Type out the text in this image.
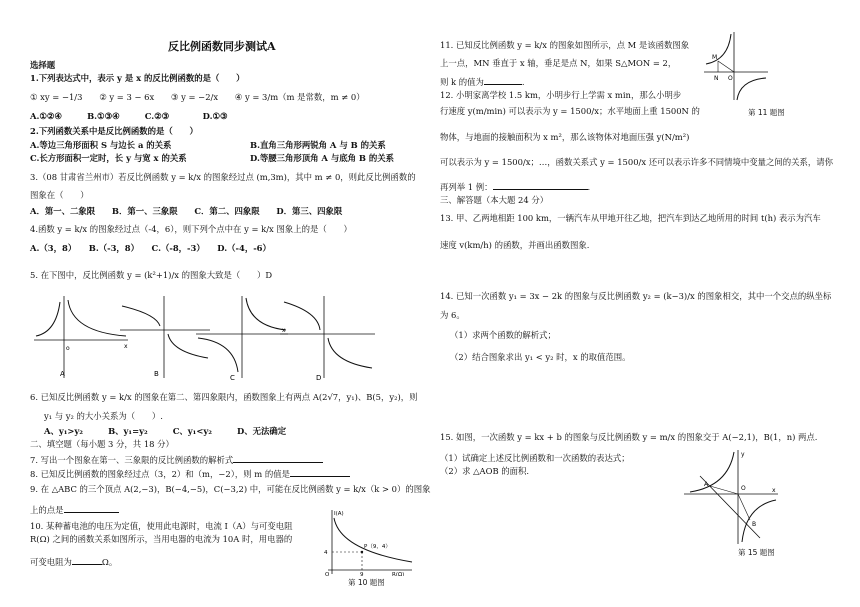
反比例函数同步测试A
选择题
1.下列表达式中，表示 y 是 x 的反比例函数的是（　　）
① xy = −1/3　　② y = 3 − 6x　　③ y = −2/x　　④ y = 3/m（m 是常数，m ≠ 0）
A.①②④　　　B.①③④　　　C.②③　　　　D.①③
2.下列函数关系中是反比例函数的是（　　）
A.等边三角形面积 S 与边长 a 的关系	B.直角三角形两锐角 A 与 B 的关系
C.长方形面积一定时，长 y 与宽 x 的关系	D.等腰三角形顶角 A 与底角 B 的关系
3.（08 甘肃省兰州市）若反比例函数 y = k/x 的图象经过点 (m,3m)，其中 m ≠ 0，则此反比例函数的
图象在（　　）
A．第一、二象限　　B．第一、三象限　　C．第二、四象限　　D．第三、四象限
4.函数 y = k/x 的图象经过点（-4，6），则下列个点中在 y = k/x 图象上的是（　　）
A.（3，8）　　B.（-3，8）　　C.（-8，-3）　　D.（-4，-6）
5. 在下图中，反比例函数 y = (k²+1)/x 的图象大致是（　　）D
o	x
A	B
x
C	D
6. 已知反比例函数 y = k/x 的图象在第二、第四象限内，函数图象上有两点 A(2√7，y₁)、B(5，y₂)，则
y₁ 与 y₂ 的大小关系为（　　）.
A、y₁>y₂　　　B、y₁=y₂　　　C、y₁<y₂　　　D、无法确定
二、填空题（每小题 3 分，共 18 分）
7. 写出一个图象在第一、三象限的反比例函数的解析式
8. 已知反比例函数的图象经过点（3，2）和（m，−2），则 m 的值是
9. 在 △ABC 的三个顶点 A(2,−3)，B(−4,−5)，C(−3,2) 中，可能在反比例函数 y = k/x（k > 0）的图象
上的点是
10. 某种蓄电池的电压为定值，使用此电源时，电流 I（A）与可变电阻
R(Ω) 之间的函数关系如图所示，当用电器的电流为 10A 时，用电器的
可变电阻为	Ω。
I(A)
R(Ω)
4
9
P（9，4）
O
第 10 题图
11. 已知反比例函数 y = k/x 的图象如图所示，点 M 是该函数图象
上一点，MN 垂直于 x 轴，垂足是点 N，如果 S△MON = 2，
则 k 的值为	.
M
N O
第 11 题图
12. 小明家离学校 1.5 km，小明步行上学需 x min，那么小明步
行速度 y(m/min) 可以表示为 y = 1500/x；水平地面上重 1500N 的
物体，与地面的接触面积为 x m²，那么该物体对地面压强 y(N/m²)
可以表示为 y = 1500/x；…，函数关系式 y = 1500/x 还可以表示许多不同情境中变量之间的关系，请你
再列举 1 例：	.
三、解答题（本大题 24 分）
13. 甲、乙两地相距 100 km，一辆汽车从甲地开往乙地，把汽车到达乙地所用的时间 t(h) 表示为汽车
速度 v(km/h) 的函数，并画出函数图象.
14. 已知一次函数 y₁ = 3x − 2k 的图象与反比例函数 y₂ = (k−3)/x 的图象相交，其中一个交点的纵坐标
为 6。
（1）求两个函数的解析式；
（2）结合图象求出 y₁ < y₂ 时，x 的取值范围。
15. 如图，一次函数 y = kx + b 的图象与反比例函数 y = m/x 的图象交于 A(−2,1)，B(1，n) 两点.
（1）试确定上述反比例函数和一次函数的表达式；
（2）求 △AOB 的面积.
y
x
A
B
O
第 15 题图
